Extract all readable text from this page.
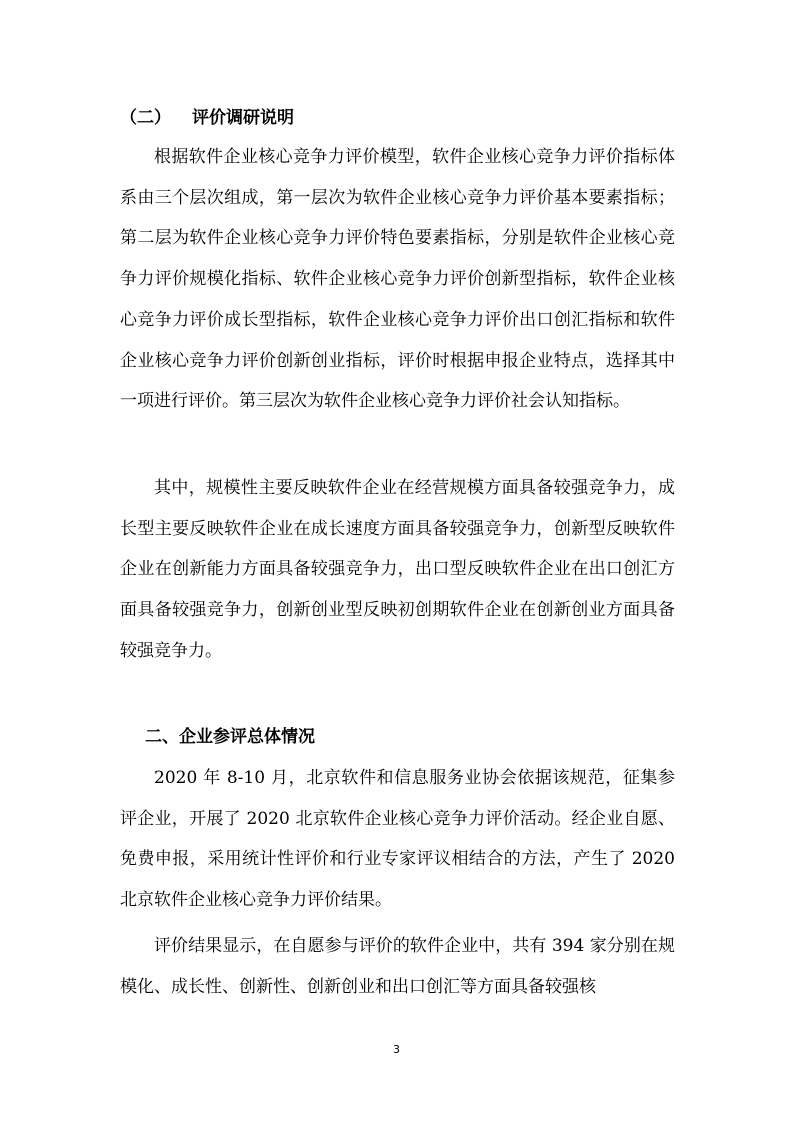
（二） 评价调研说明

根据软件企业核心竞争力评价模型，软件企业核心竞争力评价指标体系由三个层次组成，第一层次为软件企业核心竞争力评价基本要素指标；第二层为软件企业核心竞争力评价特色要素指标，分别是软件企业核心竞争力评价规模化指标、软件企业核心竞争力评价创新型指标，软件企业核心竞争力评价成长型指标，软件企业核心竞争力评价出口创汇指标和软件企业核心竞争力评价创新创业指标，评价时根据申报企业特点，选择其中一项进行评价。第三层次为软件企业核心竞争力评价社会认知指标。

其中，规模性主要反映软件企业在经营规模方面具备较强竞争力，成长型主要反映软件企业在成长速度方面具备较强竞争力，创新型反映软件企业在创新能力方面具备较强竞争力，出口型反映软件企业在出口创汇方面具备较强竞争力，创新创业型反映初创期软件企业在创新创业方面具备较强竞争力。

二、企业参评总体情况

2020 年 8-10 月，北京软件和信息服务业协会依据该规范，征集参评企业，开展了 2020 北京软件企业核心竞争力评价活动。经企业自愿、免费申报，采用统计性评价和行业专家评议相结合的方法，产生了 2020 北京软件企业核心竞争力评价结果。

评价结果显示，在自愿参与评价的软件企业中，共有 394 家分别在规模化、成长性、创新性、创新创业和出口创汇等方面具备较强核

3
